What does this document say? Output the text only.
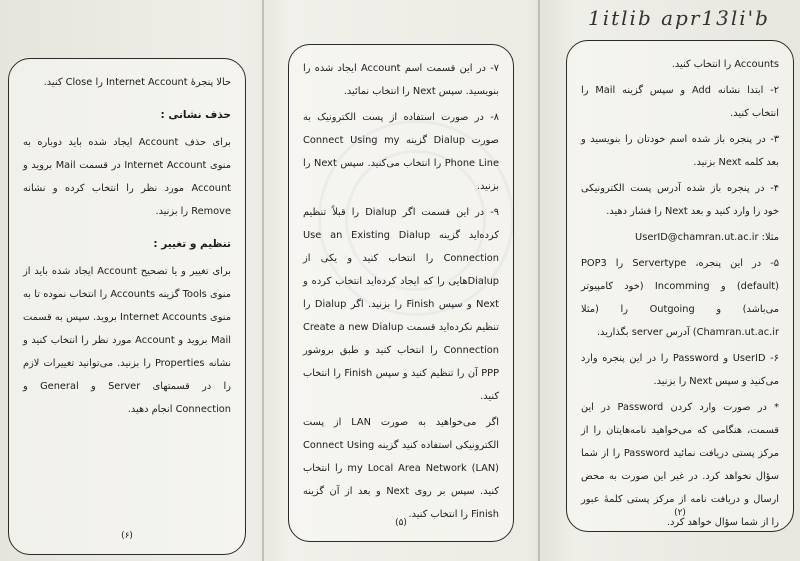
1itlib apr13li'b

حالا پنجرهٔ Internet Account را Close کنید.

حذف نشانی :

برای حذف Account ایجاد شده باید دوباره به منوی Internet Account در قسمت Mail بروید و Account مورد نظر را انتخاب کرده و نشانه Remove را بزنید.

تنظیم و تغییر :

برای تغییر و یا تصحیح Account ایجاد شده باید از منوی Tools گزینه Accounts را انتخاب نموده تا به منوی Internet Accounts بروید. سپس به قسمت Mail بروید و Account مورد نظر را انتخاب کنید و نشانه Properties را بزنید. می‌توانید تغییرات لازم را در قسمتهای Server و General و Connection انجام دهید.

(۶)

۷- در این قسمت اسم Account ایجاد شده را بنویسید. سپس Next را انتخاب نمائید.

۸- در صورت استفاده از پست الکترونیک به صورت Dialup گزینه Connect Using my Phone Line را انتخاب می‌کنید. سپس Next را بزنید.

۹- در این قسمت اگر Dialup را قبلاً تنظیم کرده‌اید گزینه Use an Existing Dialup Connection را انتخاب کنید و یکی از Dialupهایی را که ایجاد کرده‌اید انتخاب کرده و Next و سپس Finish را بزنید. اگر Dialup را تنظیم نکرده‌اید قسمت Create a new Dialup Connection را انتخاب کنید و طبق بروشور PPP آن را تنظیم کنید و سپس Finish را انتخاب کنید.

اگر می‌خواهید به صورت LAN از پست الکترونیکی استفاده کنید گزینه Connect Using my Local Area Network (LAN) را انتخاب کنید. سپس بر روی Next و بعد از آن گزینه Finish را انتخاب کنید.

(۵)

Accounts را انتخاب کنید.

۲- ابتدا نشانه Add و سپس گزینه Mail را انتخاب کنید.

۳- در پنجره باز شده اسم خودتان را بنویسید و بعد کلمه Next بزنید.

۴- در پنجره باز شده آدرس پست الکترونیکی خود را وارد کنید و بعد Next را فشار دهید.

مثلا: UserID@chamran.ut.ac.ir

۵- در این پنجره، Servertype را POP3 (default) و Incomming (خود کامپیوتر می‌باشد) و Outgoing را (مثلا Chamran.ut.ac.ir) آدرس server بگذارید.

۶- UserID و Password را در این پنجره وارد می‌کنید و سپس Next را بزنید.

* در صورت وارد کردن Password در این قسمت، هنگامی که می‌خواهید نامه‌هایتان را از مرکز پستی دریافت نمائید Password را از شما سؤال نخواهد کرد. در غیر این صورت به محض ارسال و دریافت نامه از مرکز پستی کلمهٔ عبور را از شما سؤال خواهد کرد.

(۲)
